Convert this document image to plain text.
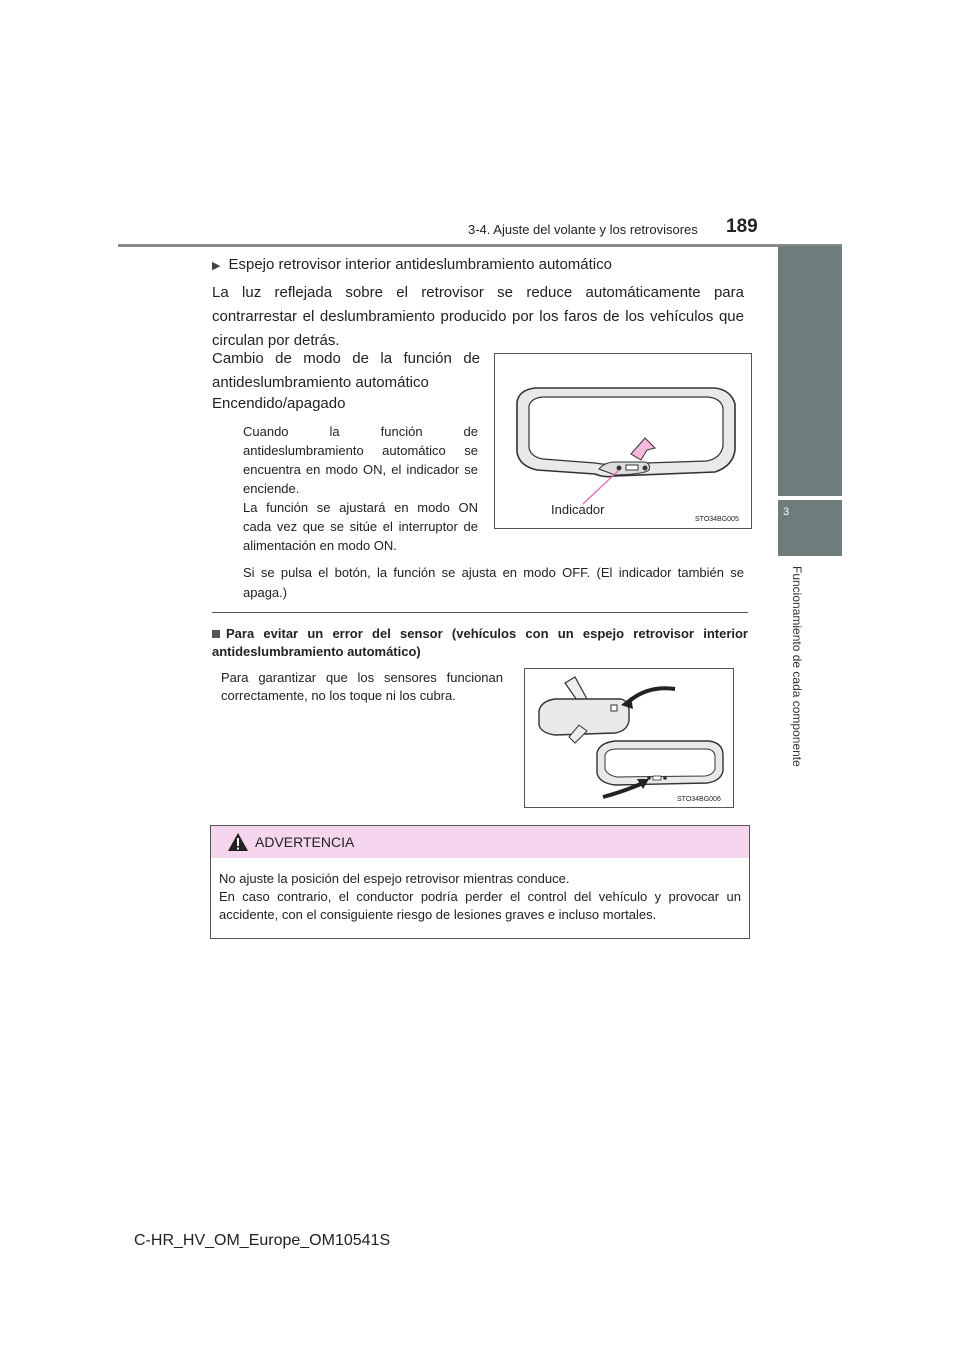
3-4. Ajuste del volante y los retrovisores 189
3
Funcionamiento de cada componente
▶ Espejo retrovisor interior antideslumbramiento automático
La luz reflejada sobre el retrovisor se reduce automáticamente para contrarrestar el deslumbramiento producido por los faros de los vehículos que circulan por detrás.
Cambio de modo de la función de antideslumbramiento automático
Encendido/apagado
Cuando la función de antideslumbramiento automático se encuentra en modo ON, el indicador se enciende.
La función se ajustará en modo ON cada vez que se sitúe el interruptor de alimentación en modo ON.
Si se pulsa el botón, la función se ajusta en modo OFF. (El indicador también se apaga.)
Para evitar un error del sensor (vehículos con un espejo retrovisor interior antideslumbramiento automático)
Para garantizar que los sensores funcionan correctamente, no los toque ni los cubra.
Indicador
STO34BG005
STO34BG006
ADVERTENCIA
No ajuste la posición del espejo retrovisor mientras conduce.
En caso contrario, el conductor podría perder el control del vehículo y provocar un accidente, con el consiguiente riesgo de lesiones graves e incluso mortales.
C-HR_HV_OM_Europe_OM10541S
